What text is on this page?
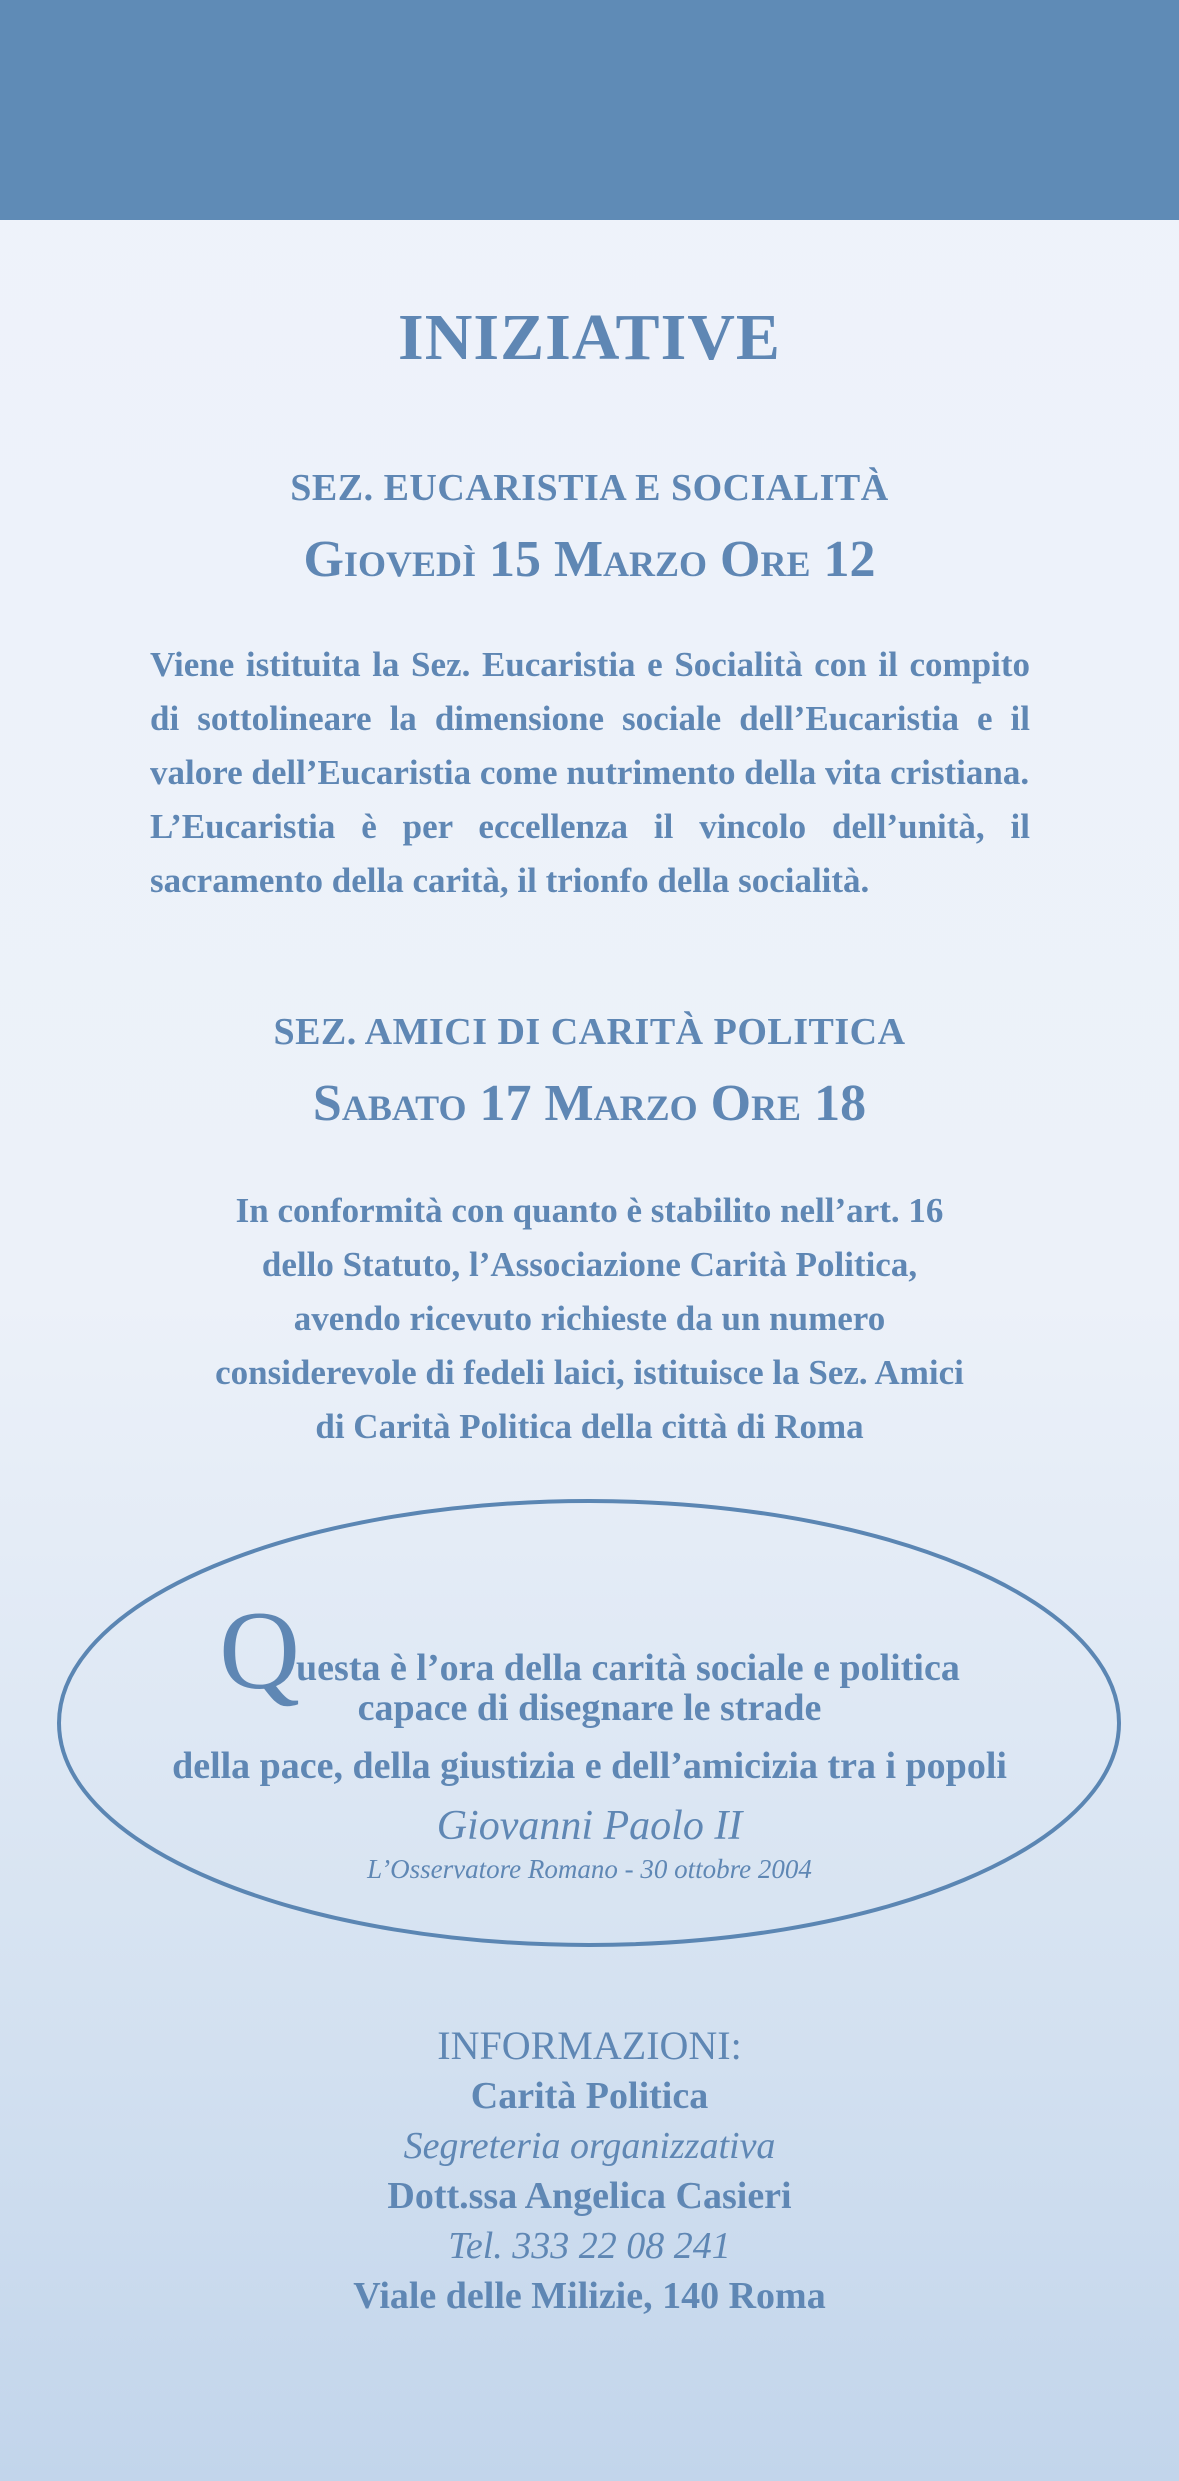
INIZIATIVE
SEZ. EUCARISTIA E SOCIALITÀ
Giovedì 15 Marzo Ore 12

Viene istituita la Sez. Eucaristia e Socialità con il compito di sottolineare la dimensione sociale dell’Eucaristia e il valore dell’Eucaristia come nutrimento della vita cristiana.

L’Eucaristia è per eccellenza il vincolo dell’unità, il sacramento della carità, il trionfo della socialità.

SEZ. AMICI DI CARITÀ POLITICA
Sabato 17 Marzo Ore 18
In conformità con quanto è stabilito nell’art. 16
dello Statuto, l’Associazione Carità Politica,
avendo ricevuto richieste da un numero
considerevole di fedeli laici, istituisce la Sez. Amici
di Carità Politica della città di Roma
Questa è l’ora della carità sociale e politica
capace di disegnare le strade
della pace, della giustizia e dell’amicizia tra i popoli
Giovanni Paolo II
L’Osservatore Romano - 30 ottobre 2004
INFORMAZIONI:
Carità Politica
Segreteria organizzativa
Dott.ssa Angelica Casieri
Tel. 333 22 08 241
Viale delle Milizie, 140 Roma
